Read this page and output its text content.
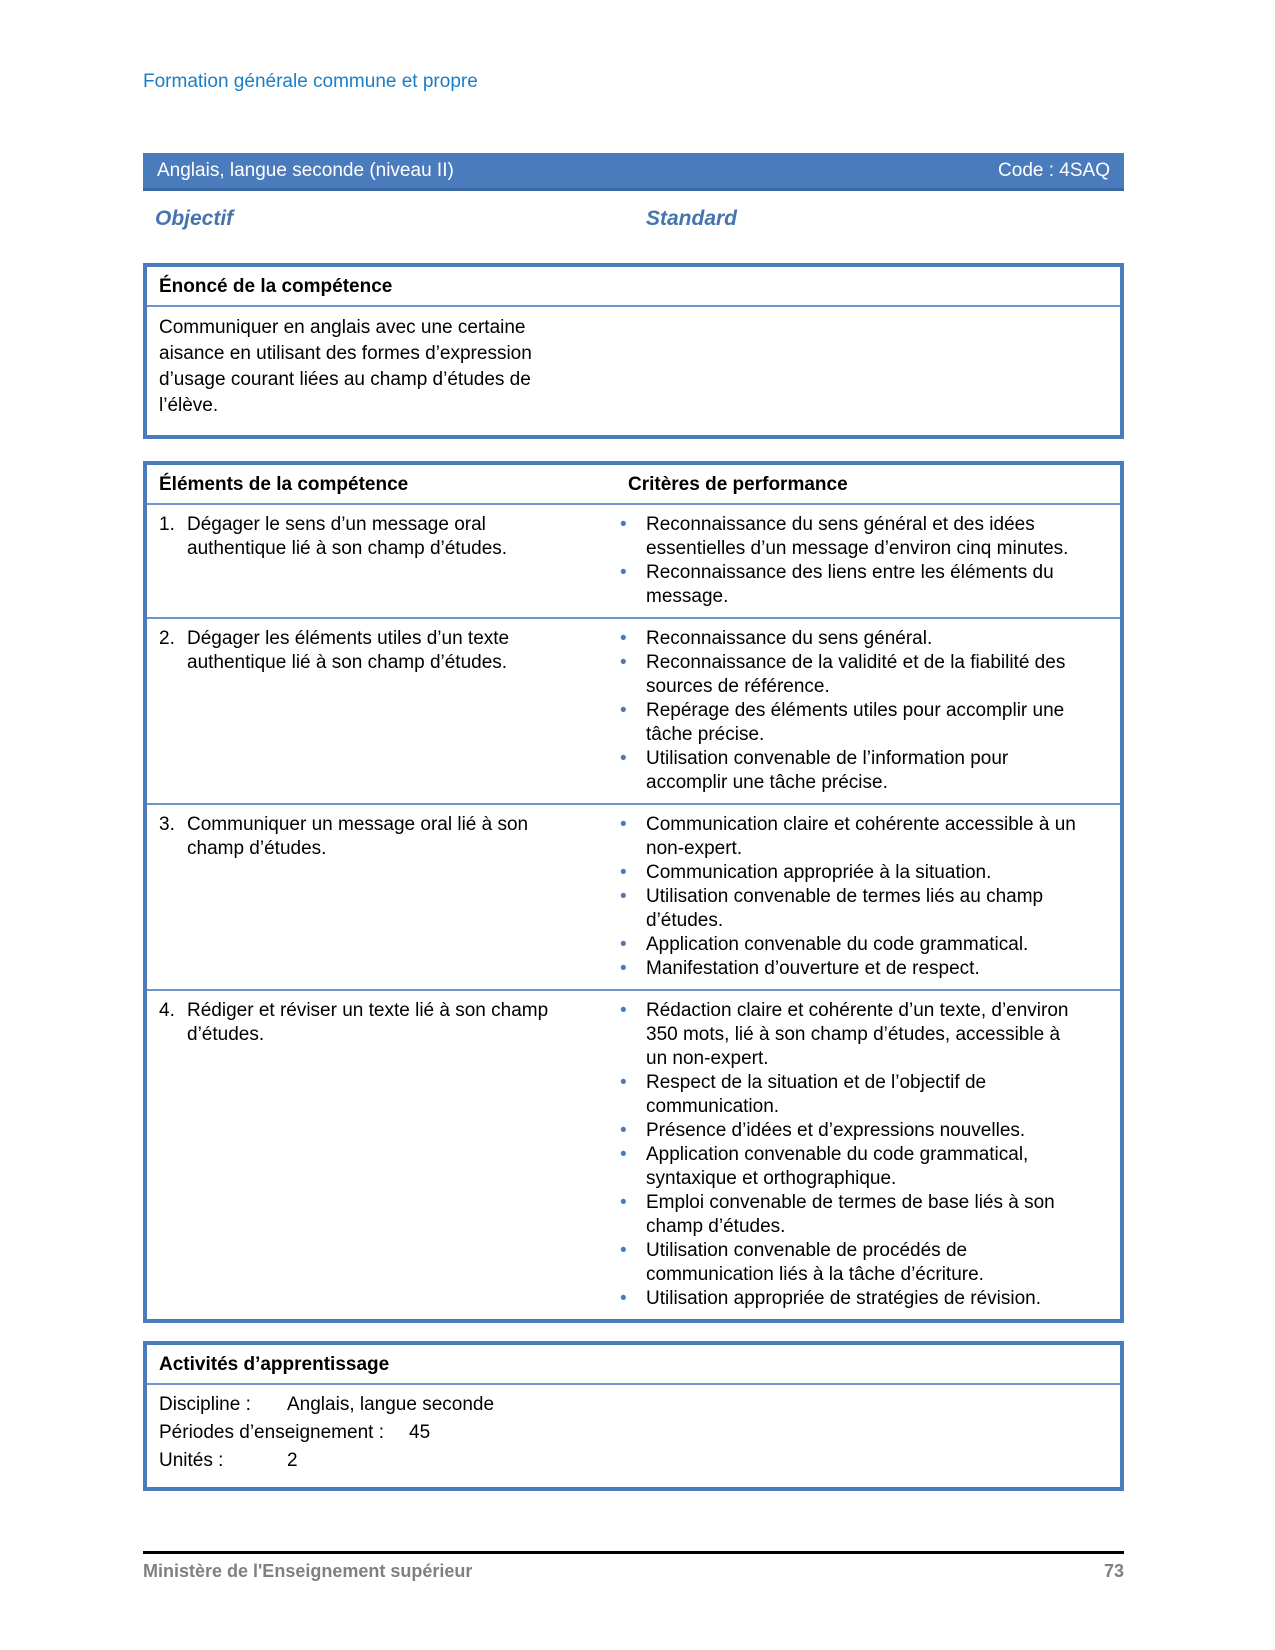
Formation générale commune et propre
Anglais, langue seconde (niveau II)	Code : 4SAQ
Objectif	Standard
Énoncé de la compétence
Communiquer en anglais avec une certaine aisance en utilisant des formes d’expression d’usage courant liées au champ d’études de l’élève.
Éléments de la compétence	Critères de performance
1. Dégager le sens d’un message oral authentique lié à son champ d’études.
• Reconnaissance du sens général et des idées essentielles d’un message d’environ cinq minutes.
• Reconnaissance des liens entre les éléments du message.
2. Dégager les éléments utiles d’un texte authentique lié à son champ d’études.
• Reconnaissance du sens général.
• Reconnaissance de la validité et de la fiabilité des sources de référence.
• Repérage des éléments utiles pour accomplir une tâche précise.
• Utilisation convenable de l’information pour accomplir une tâche précise.
3. Communiquer un message oral lié à son champ d’études.
• Communication claire et cohérente accessible à un non-expert.
• Communication appropriée à la situation.
• Utilisation convenable de termes liés au champ d’études.
• Application convenable du code grammatical.
• Manifestation d’ouverture et de respect.
4. Rédiger et réviser un texte lié à son champ d’études.
• Rédaction claire et cohérente d’un texte, d’environ 350 mots, lié à son champ d’études, accessible à un non-expert.
• Respect de la situation et de l’objectif de communication.
• Présence d’idées et d’expressions nouvelles.
• Application convenable du code grammatical, syntaxique et orthographique.
• Emploi convenable de termes de base liés à son champ d’études.
• Utilisation convenable de procédés de communication liés à la tâche d’écriture.
• Utilisation appropriée de stratégies de révision.
Activités d’apprentissage
Discipline :	Anglais, langue seconde
Périodes d’enseignement :	45
Unités :	2
Ministère de l'Enseignement supérieur	73
